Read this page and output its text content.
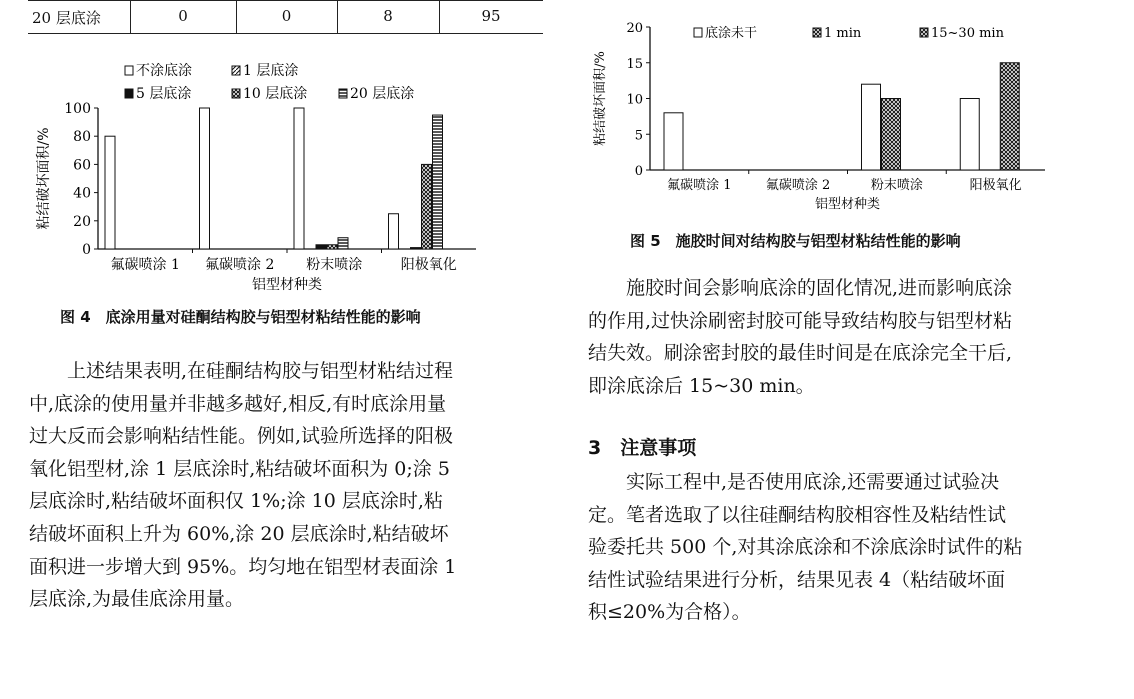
20 层底涂	0	0	8	95
不涂底涂	1 层底涂
5 层底涂	10 层底涂	20 层底涂
0
20
40
60
80
100
粘结破坏面积/%
氟碳喷涂 1 氟碳喷涂 2 粉末喷涂	阳极氧化
铝型材种类
图 4　底涂用量对硅酮结构胶与铝型材粘结性能的影响
底涂未干	1 min	15~30 min
0
5
10
15
20
粘结破坏面积/%
氟碳喷涂 1	氟碳喷涂 2	粉末喷涂	阳极氧化
铝型材种类
图 5　施胶时间对结构胶与铝型材粘结性能的影响
上述结果表明,在硅酮结构胶与铝型材粘结过程
中,底涂的使用量并非越多越好,相反,有时底涂用量
过大反而会影响粘结性能。例如,试验所选择的阳极
氧化铝型材,涂 1 层底涂时,粘结破坏面积为 0;涂 5
层底涂时,粘结破坏面积仅 1%;涂 10 层底涂时,粘
结破坏面积上升为 60%,涂 20 层底涂时,粘结破坏
面积进一步增大到 95%。均匀地在铝型材表面涂 1
层底涂,为最佳底涂用量。
施胶时间会影响底涂的固化情况,进而影响底涂
的作用,过快涂刷密封胶可能导致结构胶与铝型材粘
结失效。刷涂密封胶的最佳时间是在底涂完全干后,
即涂底涂后 15~30 min。
3　注意事项
实际工程中,是否使用底涂,还需要通过试验决
定。笔者选取了以往硅酮结构胶相容性及粘结性试
验委托共 500 个,对其涂底涂和不涂底涂时试件的粘
结性试验结果进行分析，结果见表 4（粘结破坏面
积≤20%为合格）。
